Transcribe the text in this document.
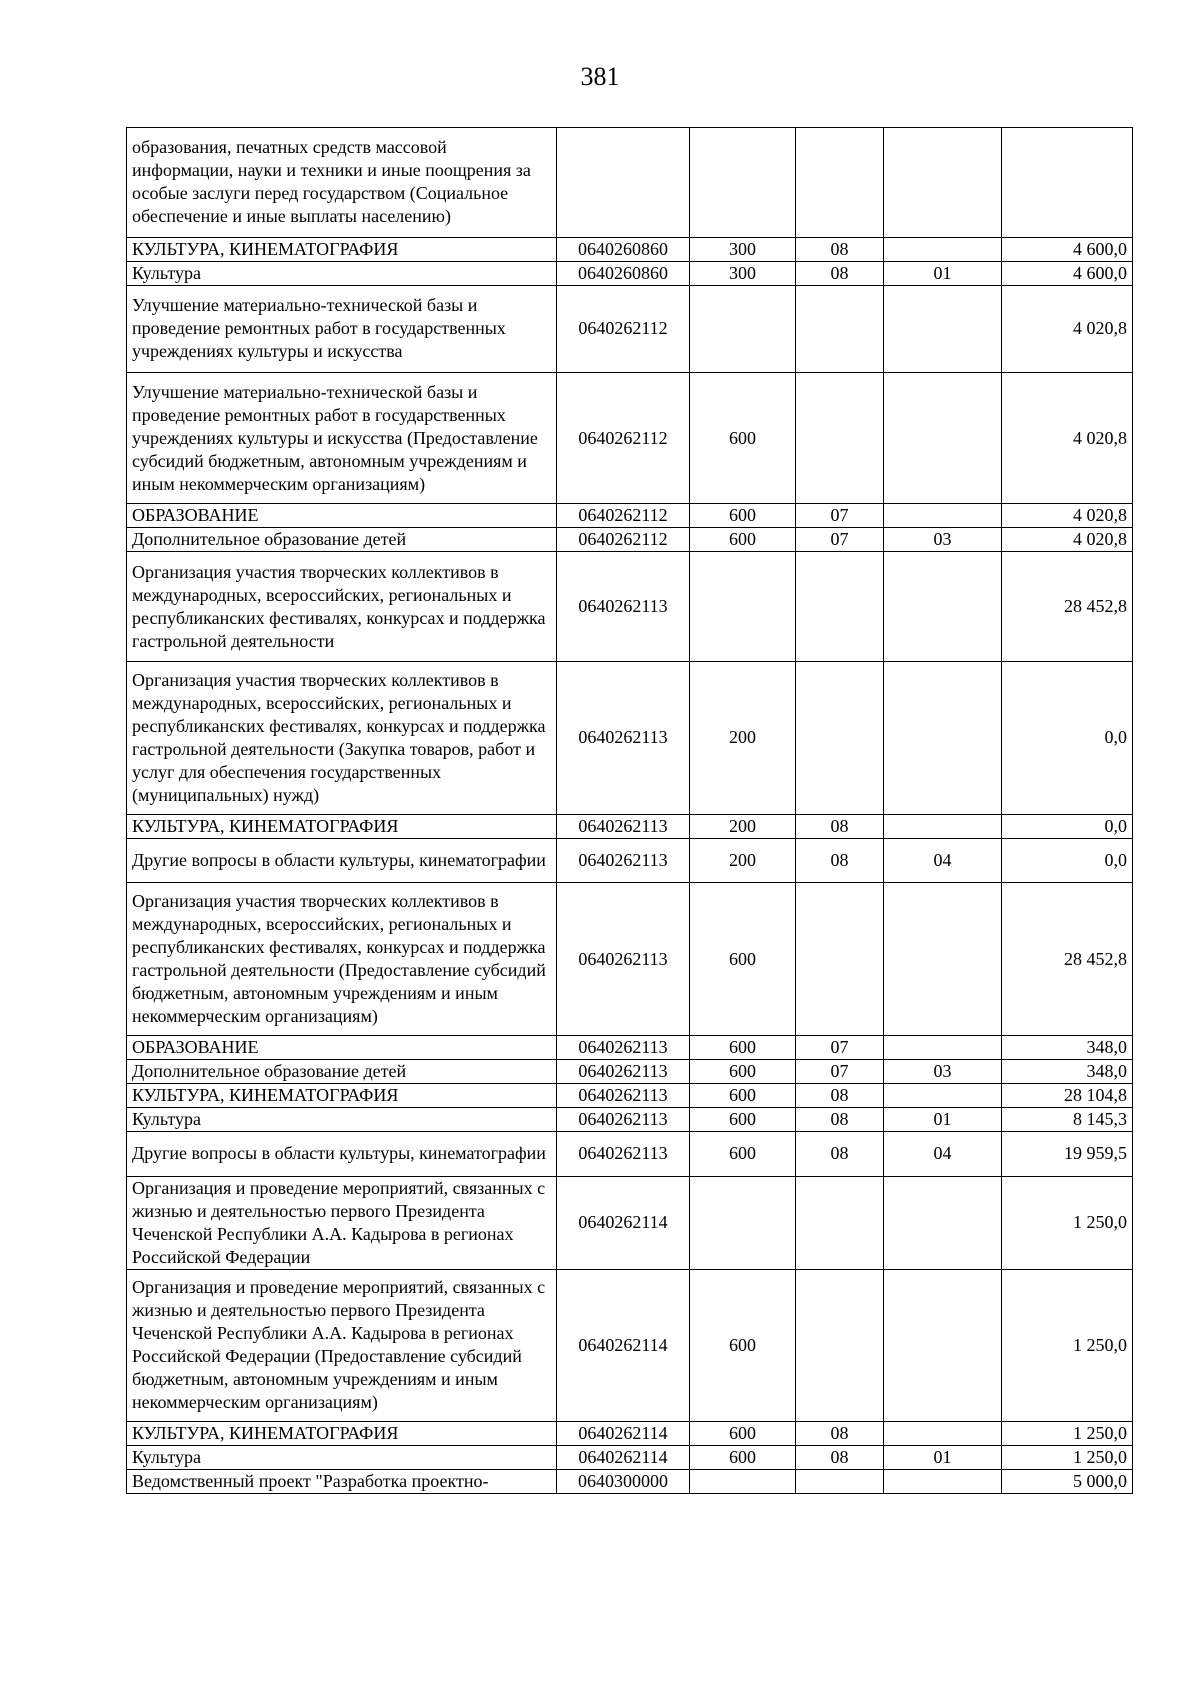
381
образования, печатных средств массовой информации, науки и техники и иные поощрения за особые заслуги перед государством (Социальное обеспечение и иные выплаты населению)					
КУЛЬТУРА, КИНЕМАТОГРАФИЯ	0640260860	300	08		4 600,0
Культура	0640260860	300	08	01	4 600,0
Улучшение материально-технической базы и проведение ремонтных работ в государственных учреждениях культуры и искусства	0640262112				4 020,8
Улучшение материально-технической базы и проведение ремонтных работ в государственных учреждениях культуры и искусства (Предоставление субсидий бюджетным, автономным учреждениям и иным некоммерческим организациям)	0640262112	600			4 020,8
ОБРАЗОВАНИЕ	0640262112	600	07		4 020,8
Дополнительное образование детей	0640262112	600	07	03	4 020,8
Организация участия творческих коллективов в международных, всероссийских, региональных и республиканских фестивалях, конкурсах и поддержка гастрольной деятельности	0640262113				28 452,8
Организация участия творческих коллективов в международных, всероссийских, региональных и республиканских фестивалях, конкурсах и поддержка гастрольной деятельности (Закупка товаров, работ и услуг для обеспечения государственных (муниципальных) нужд)	0640262113	200			0,0
КУЛЬТУРА, КИНЕМАТОГРАФИЯ	0640262113	200	08		0,0
Другие вопросы в области культуры, кинематографии	0640262113	200	08	04	0,0
Организация участия творческих коллективов в международных, всероссийских, региональных и республиканских фестивалях, конкурсах и поддержка гастрольной деятельности (Предоставление субсидий бюджетным, автономным учреждениям и иным некоммерческим организациям)	0640262113	600			28 452,8
ОБРАЗОВАНИЕ	0640262113	600	07		348,0
Дополнительное образование детей	0640262113	600	07	03	348,0
КУЛЬТУРА, КИНЕМАТОГРАФИЯ	0640262113	600	08		28 104,8
Культура	0640262113	600	08	01	8 145,3
Другие вопросы в области культуры, кинематографии	0640262113	600	08	04	19 959,5
Организация и проведение мероприятий, связанных с жизнью и деятельностью первого Президента Чеченской Республики А.А. Кадырова в регионах Российской Федерации	0640262114				1 250,0
Организация и проведение мероприятий, связанных с жизнью и деятельностью первого Президента Чеченской Республики А.А. Кадырова в регионах Российской Федерации (Предоставление субсидий бюджетным, автономным учреждениям и иным некоммерческим организациям)	0640262114	600			1 250,0
КУЛЬТУРА, КИНЕМАТОГРАФИЯ	0640262114	600	08		1 250,0
Культура	0640262114	600	08	01	1 250,0
Ведомственный проект "Разработка проектно-	0640300000				5 000,0
